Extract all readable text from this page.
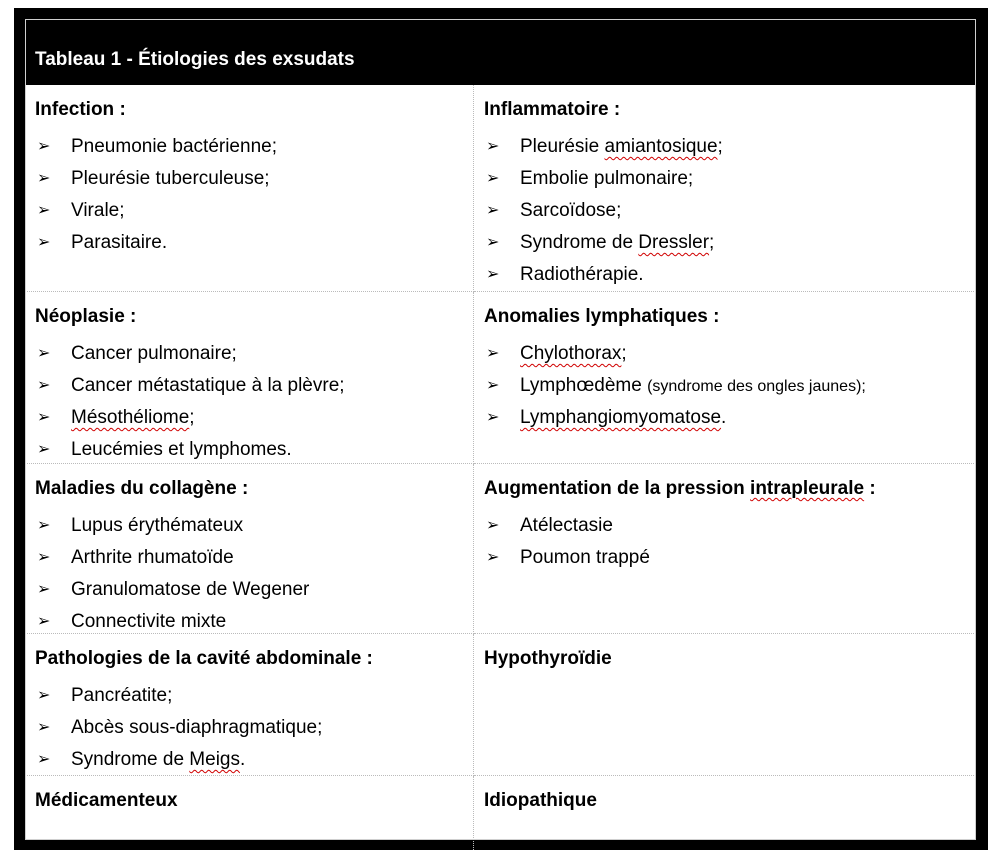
Tableau 1 - Étiologies des exsudats
Infection :
➢ Pneumonie bactérienne;
➢ Pleurésie tuberculeuse;
➢ Virale;
➢ Parasitaire.
Inflammatoire :
➢ Pleurésie amiantosique;
➢ Embolie pulmonaire;
➢ Sarcoïdose;
➢ Syndrome de Dressler;
➢ Radiothérapie.
Néoplasie :
➢ Cancer pulmonaire;
➢ Cancer métastatique à la plèvre;
➢ Mésothéliome;
➢ Leucémies et lymphomes.
Anomalies lymphatiques :
➢ Chylothorax;
➢ Lymphœdème (syndrome des ongles jaunes);
➢ Lymphangiomyomatose.
Maladies du collagène :
➢ Lupus érythémateux
➢ Arthrite rhumatoïde
➢ Granulomatose de Wegener
➢ Connectivite mixte
Augmentation de la pression intrapleurale :
➢ Atélectasie
➢ Poumon trappé
Pathologies de la cavité abdominale :
➢ Pancréatite;
➢ Abcès sous-diaphragmatique;
➢ Syndrome de Meigs.
Hypothyroïdie
Médicamenteux	Idiopathique
